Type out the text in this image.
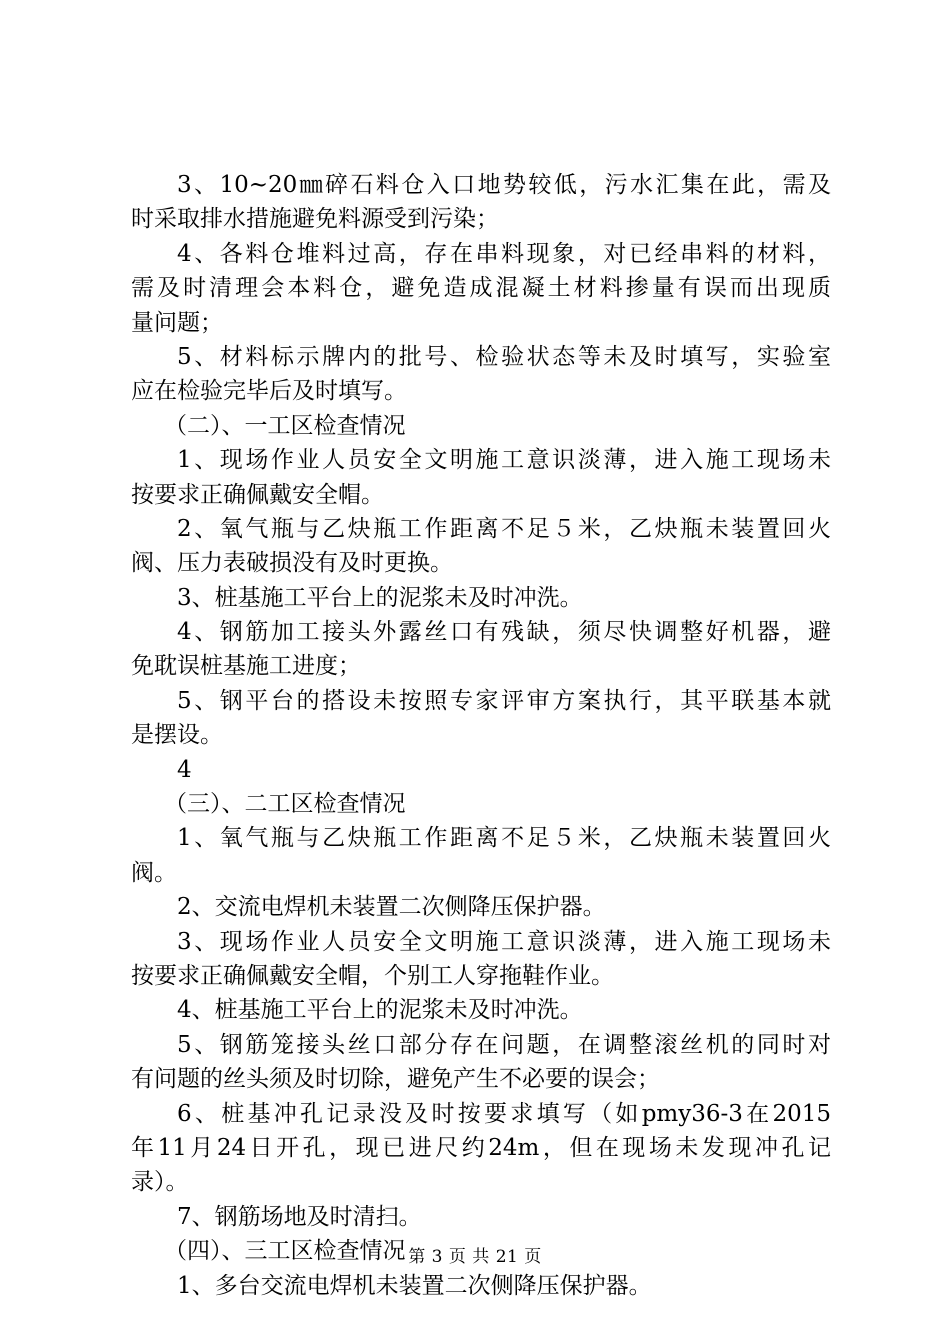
3、10~20㎜碎石料仓入口地势较低，污水汇集在此，需及
时采取排水措施避免料源受到污染；
4、各料仓堆料过高，存在串料现象，对已经串料的材料，
需及时清理会本料仓，避免造成混凝土材料掺量有误而出现质
量问题；
5、材料标示牌内的批号、检验状态等未及时填写，实验室
应在检验完毕后及时填写。
（二）、一工区检查情况
1、现场作业人员安全文明施工意识淡薄，进入施工现场未
按要求正确佩戴安全帽。
2、氧气瓶与乙炔瓶工作距离不足５米，乙炔瓶未装置回火
阀、压力表破损没有及时更换。
3、桩基施工平台上的泥浆未及时冲洗。
4、钢筋加工接头外露丝口有残缺，须尽快调整好机器，避
免耽误桩基施工进度；
5、钢平台的搭设未按照专家评审方案执行，其平联基本就
是摆设。
4
（三）、二工区检查情况
1、氧气瓶与乙炔瓶工作距离不足５米，乙炔瓶未装置回火
阀。
2、交流电焊机未装置二次侧降压保护器。
3、现场作业人员安全文明施工意识淡薄，进入施工现场未
按要求正确佩戴安全帽，个别工人穿拖鞋作业。
4、桩基施工平台上的泥浆未及时冲洗。
5、钢筋笼接头丝口部分存在问题，在调整滚丝机的同时对
有问题的丝头须及时切除，避免产生不必要的误会；
6、桩基冲孔记录没及时按要求填写（如pmy36-3在2015
年11月24日开孔，现已进尺约24m，但在现场未发现冲孔记
录）。
7、钢筋场地及时清扫。
（四）、三工区检查情况
1、多台交流电焊机未装置二次侧降压保护器。
第 3 页 共 21 页
